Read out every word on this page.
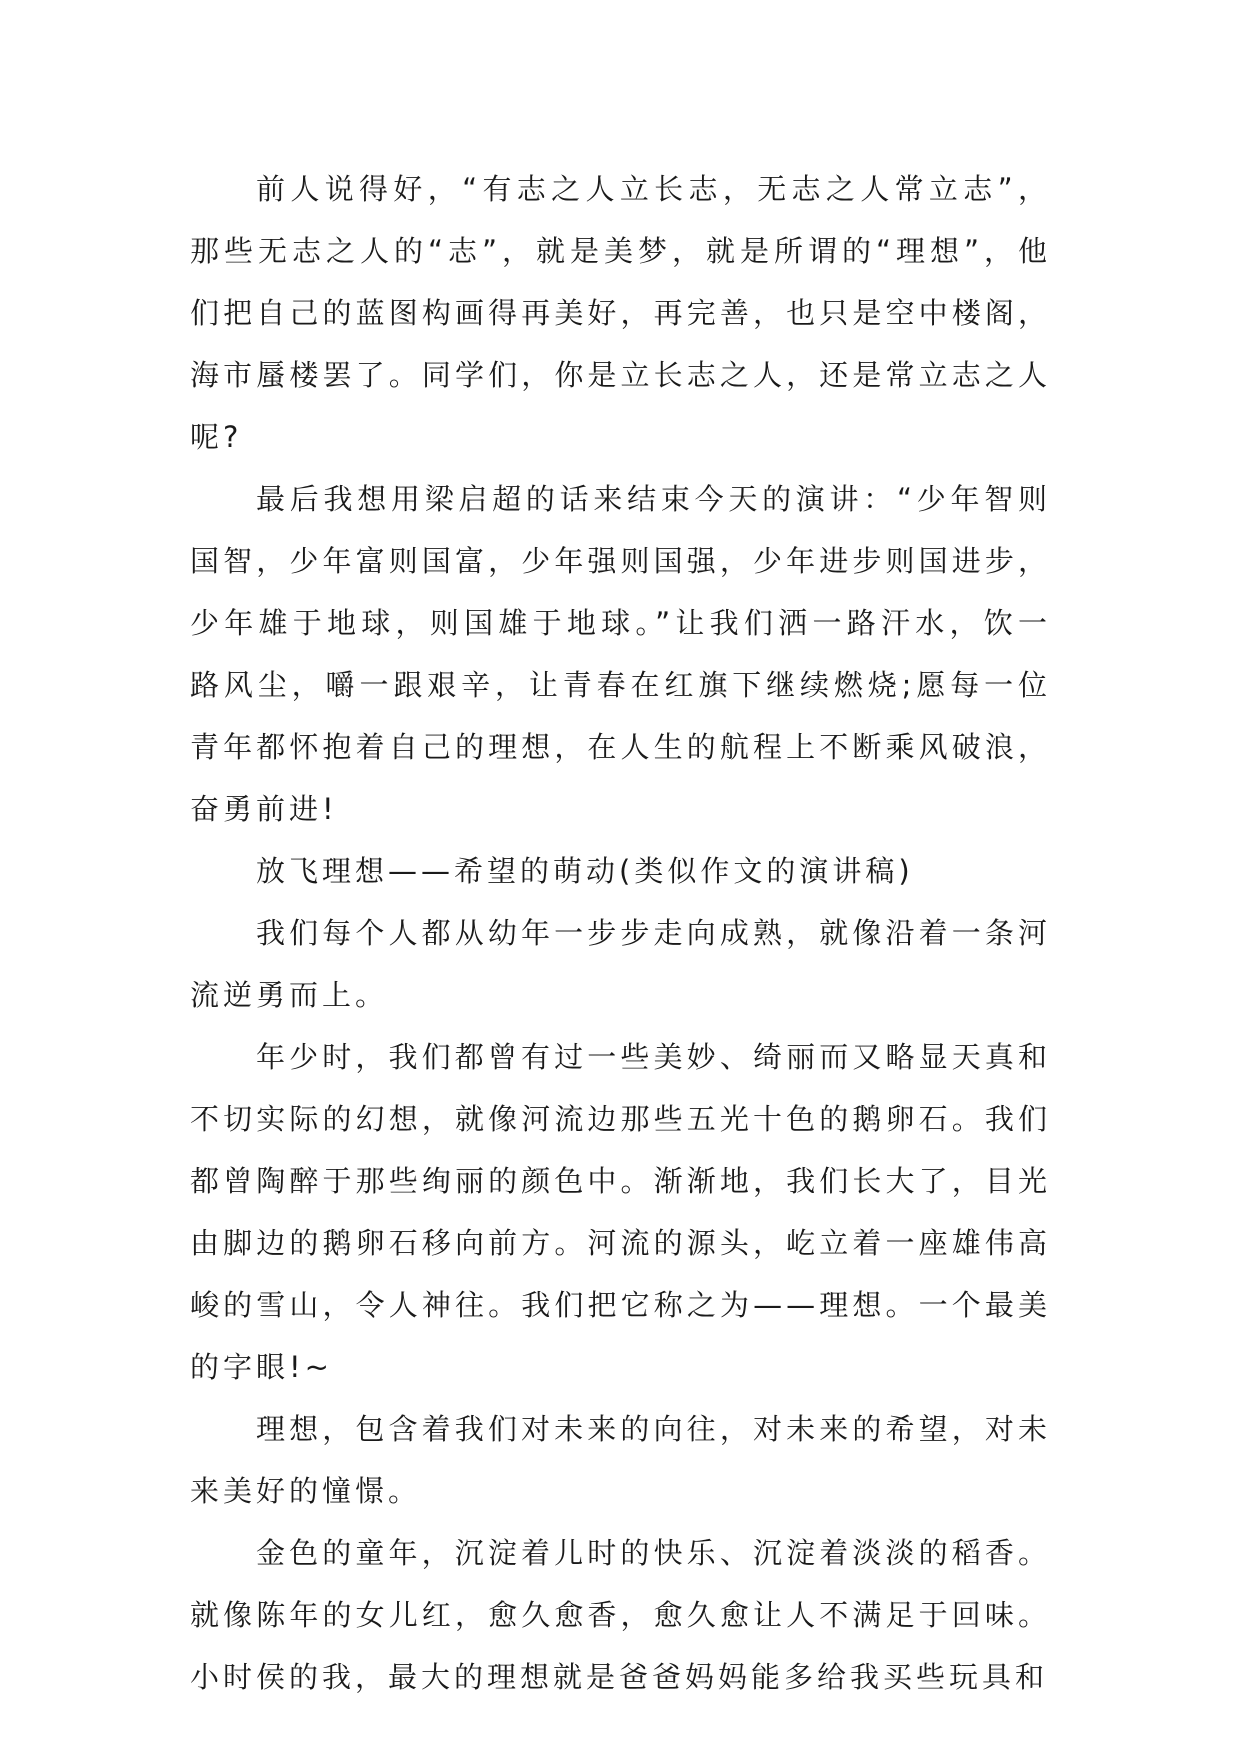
前人说得好，“有志之人立长志，无志之人常立志”，那些无志之人的“志”，就是美梦，就是所谓的“理想”，他们把自己的蓝图构画得再美好，再完善，也只是空中楼阁，海市蜃楼罢了。同学们，你是立长志之人，还是常立志之人呢?

最后我想用梁启超的话来结束今天的演讲：“少年智则国智，少年富则国富，少年强则国强，少年进步则国进步，少年雄于地球，则国雄于地球。”让我们洒一路汗水，饮一路风尘，嚼一跟艰辛，让青春在红旗下继续燃烧;愿每一位青年都怀抱着自己的理想，在人生的航程上不断乘风破浪，奋勇前进!

放飞理想——希望的萌动(类似作文的演讲稿)

我们每个人都从幼年一步步走向成熟，就像沿着一条河流逆勇而上。

年少时，我们都曾有过一些美妙、绮丽而又略显天真和不切实际的幻想，就像河流边那些五光十色的鹅卵石。我们都曾陶醉于那些绚丽的颜色中。渐渐地，我们长大了，目光由脚边的鹅卵石移向前方。河流的源头，屹立着一座雄伟高峻的雪山，令人神往。我们把它称之为——理想。一个最美的字眼!~

理想，包含着我们对未来的向往，对未来的希望，对未来美好的憧憬。

金色的童年，沉淀着儿时的快乐、沉淀着淡淡的稻香。就像陈年的女儿红，愈久愈香，愈久愈让人不满足于回味。小时侯的我，最大的理想就是爸爸妈妈能多给我买些玩具和
